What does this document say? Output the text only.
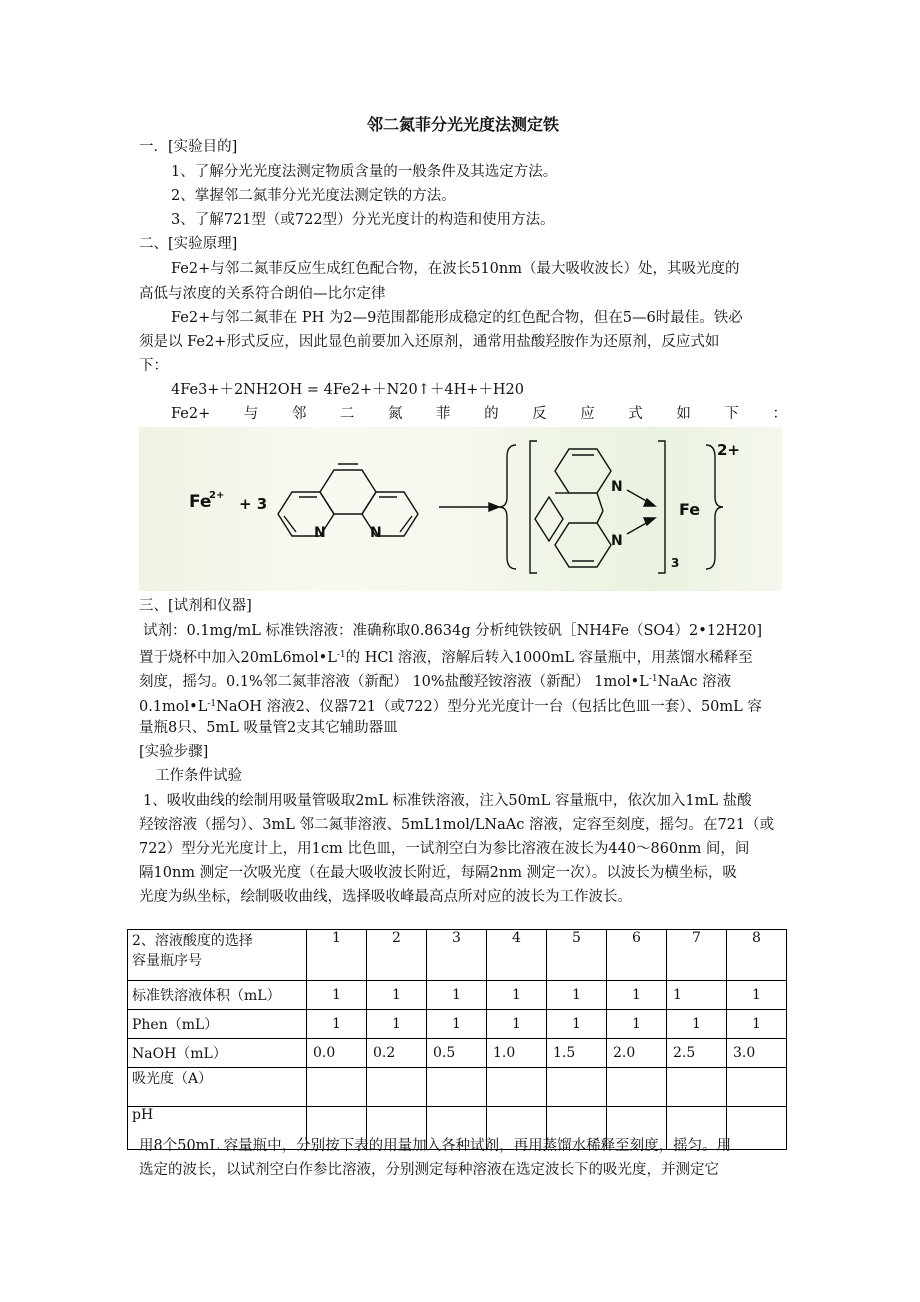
邻二氮菲分光光度法测定铁
一．[实验目的]
1、了解分光光度法测定物质含量的一般条件及其选定方法。
2、掌握邻二氮菲分光光度法测定铁的方法。
3、了解721型（或722型）分光光度计的构造和使用方法。
二、[实验原理]
Fe2+与邻二氮菲反应生成红色配合物，在波长510nm（最大吸收波长）处，其吸光度的
高低与浓度的关系符合朗伯—比尔定律
Fe2+与邻二氮菲在 PH 为2—9范围都能形成稳定的红色配合物，但在5—6时最佳。铁必
须是以 Fe2+形式反应，因此显色前要加入还原剂，通常用盐酸羟胺作为还原剂，反应式如
下：
4Fe3+＋2NH2OH = 4Fe2+＋N20↑＋4H+＋H20
Fe2+ 与 邻 二 氮 菲 的 反 应 式 如 下 ：
Fe
2+ + 3
N	N
N
N
Fe
3
2+
三、[试剂和仪器]
试剂：0.1mg/mL 标准铁溶液：准确称取0.8634g 分析纯铁铵矾［NH4Fe（SO4）2•12H20]
置于烧杯中加入$20mL6mol•L^{-1}$的 HCl 溶液，溶解后转入1000mL 容量瓶中，用蒸馏水稀释至
刻度，摇匀。0.1%邻二氮菲溶液（新配） 10%盐酸羟铵溶液（新配） $1mol•L^{-1}NaAc$ 溶液
$0.1mol•L^{-1}NaOH$ 溶液2、仪器721（或722）型分光光度计一台（包括比色皿一套）、50mL 容
量瓶8只、5mL 吸量管2支其它辅助器皿
[实验步骤]
工作条件试验
1、吸收曲线的绘制用吸量管吸取2mL 标准铁溶液，注入50mL 容量瓶中，依次加入1mL 盐酸
羟铵溶液（摇匀）、3mL 邻二氮菲溶液、5mL1mol/LNaAc 溶液，定容至刻度，摇匀。在721（或
722）型分光光度计上，用1cm 比色皿，一试剂空白为参比溶液在波长为440～860nm 间，间
隔10nm 测定一次吸光度（在最大吸收波长附近，每隔2nm 测定一次）。以波长为横坐标，吸
光度为纵坐标，绘制吸收曲线，选择吸收峰最高点所对应的波长为工作波长。
2、溶液酸度的选择
容量瓶序号	1	2	3	4	5	6	7	8
标准铁溶液体积（mL）	1	1	1	1	1	1	1	1
Phen（mL）	1	1	1	1	1	1	1	1
NaOH（mL）	0.0	0.2	0.5	1.0	1.5	2.0	2.5	3.0
吸光度（A）								
pH								
用8个50mL 容量瓶中，分别按下表的用量加入各种试剂，再用蒸馏水稀释至刻度，摇匀。用
选定的波长，以试剂空白作参比溶液，分别测定每种溶液在选定波长下的吸光度，并测定它
